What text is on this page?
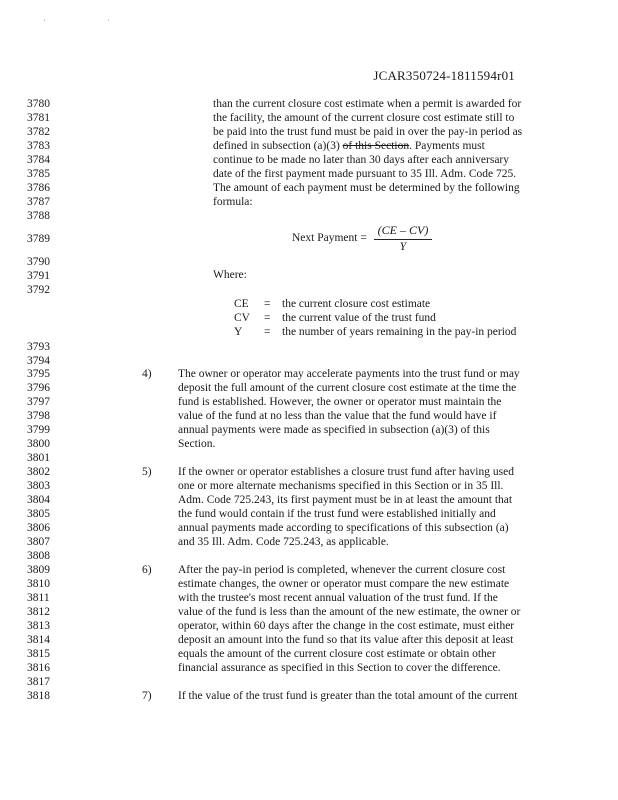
' '
JCAR350724-1811594r01
3780
3781
3782
3783
3784
3785
3786
3787
3788
3789
3790
3791
3792
3793
3794
3795
3796
3797
3798
3799
3800
3801
3802
3803
3804
3805
3806
3807
3808
3809
3810
3811
3812
3813
3814
3815
3816
3817
3818
than the current closure cost estimate when a permit is awarded for
the facility, the amount of the current closure cost estimate still to
be paid into the trust fund must be paid in over the pay-in period as
defined in subsection (a)(3) of this Section. Payments must
continue to be made no later than 30 days after each anniversary
date of the first payment made pursuant to 35 Ill. Adm. Code 725.
The amount of each payment must be determined by the following
formula:
Next Payment =
(CE – CV)
Y
Where:
CE = the current closure cost estimate
CV = the current value of the trust fund
Y = the number of years remaining in the pay-in period
4) The owner or operator may accelerate payments into the trust fund or may
deposit the full amount of the current closure cost estimate at the time the
fund is established. However, the owner or operator must maintain the
value of the fund at no less than the value that the fund would have if
annual payments were made as specified in subsection (a)(3) of this
Section.
5) If the owner or operator establishes a closure trust fund after having used
one or more alternate mechanisms specified in this Section or in 35 Ill.
Adm. Code 725.243, its first payment must be in at least the amount that
the fund would contain if the trust fund were established initially and
annual payments made according to specifications of this subsection (a)
and 35 Ill. Adm. Code 725.243, as applicable.
6) After the pay-in period is completed, whenever the current closure cost
estimate changes, the owner or operator must compare the new estimate
with the trustee's most recent annual valuation of the trust fund. If the
value of the fund is less than the amount of the new estimate, the owner or
operator, within 60 days after the change in the cost estimate, must either
deposit an amount into the fund so that its value after this deposit at least
equals the amount of the current closure cost estimate or obtain other
financial assurance as specified in this Section to cover the difference.
7) If the value of the trust fund is greater than the total amount of the current
